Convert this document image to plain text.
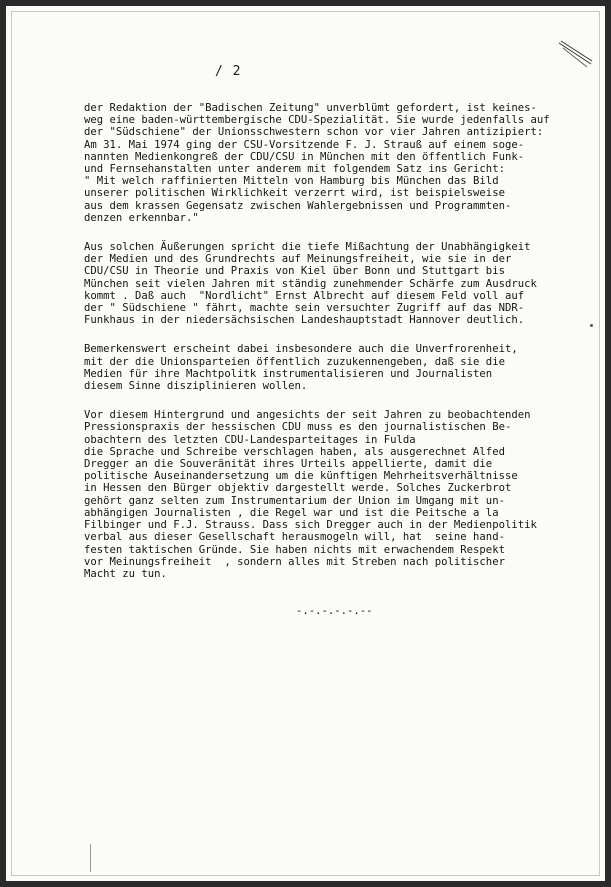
/ 2
der Redaktion der "Badischen Zeitung" unverblümt gefordert, ist keines-
weg eine baden-württembergische CDU-Spezialität. Sie wurde jedenfalls auf
der "Südschiene" der Unionsschwestern schon vor vier Jahren antizipiert:
Am 31. Mai 1974 ging der CSU-Vorsitzende F. J. Strauß auf einem soge-
nannten Medienkongreß der CDU/CSU in München mit den öffentlich Funk-
und Fernsehanstalten unter anderem mit folgendem Satz ins Gericht:
" Mit welch raffinierten Mitteln von Hamburg bis München das Bild
unserer politischen Wirklichkeit verzerrt wird, ist beispielsweise
aus dem krassen Gegensatz zwischen Wahlergebnissen und Programmten-
denzen erkennbar."
Aus solchen Äußerungen spricht die tiefe Mißachtung der Unabhängigkeit
der Medien und des Grundrechts auf Meinungsfreiheit, wie sie in der
CDU/CSU in Theorie und Praxis von Kiel über Bonn und Stuttgart bis
München seit vielen Jahren mit ständig zunehmender Schärfe zum Ausdruck
kommt . Daß auch  "Nordlicht" Ernst Albrecht auf diesem Feld voll auf
der " Südschiene " fährt, machte sein versuchter Zugriff auf das NDR-
Funkhaus in der niedersächsischen Landeshauptstadt Hannover deutlich.
Bemerkenswert erscheint dabei insbesondere auch die Unverfrorenheit,
mit der die Unionsparteien öffentlich zuzukennengeben, daß sie die
Medien für ihre Machtpolitk instrumentalisieren und Journalisten
diesem Sinne disziplinieren wollen.
Vor diesem Hintergrund und angesichts der seit Jahren zu beobachtenden
Pressionspraxis der hessischen CDU muss es den journalistischen Be-
obachtern des letzten CDU-Landesparteitages in Fulda
die Sprache und Schreibe verschlagen haben, als ausgerechnet Alfed
Dregger an die Souveränität ihres Urteils appellierte, damit die
politische Auseinandersetzung um die künftigen Mehrheitsverhältnisse
in Hessen den Bürger objektiv dargestellt werde. Solches Zuckerbrot
gehört ganz selten zum Instrumentarium der Union im Umgang mit un-
abhängigen Journalisten , die Regel war und ist die Peitsche a la
Filbinger und F.J. Strauss. Dass sich Dregger auch in der Medienpolitik
verbal aus dieser Gesellschaft herausmogeln will, hat  seine hand-
festen taktischen Gründe. Sie haben nichts mit erwachendem Respekt
vor Meinungsfreiheit  , sondern alles mit Streben nach politischer
Macht zu tun.
-.-.-.-.-.--
